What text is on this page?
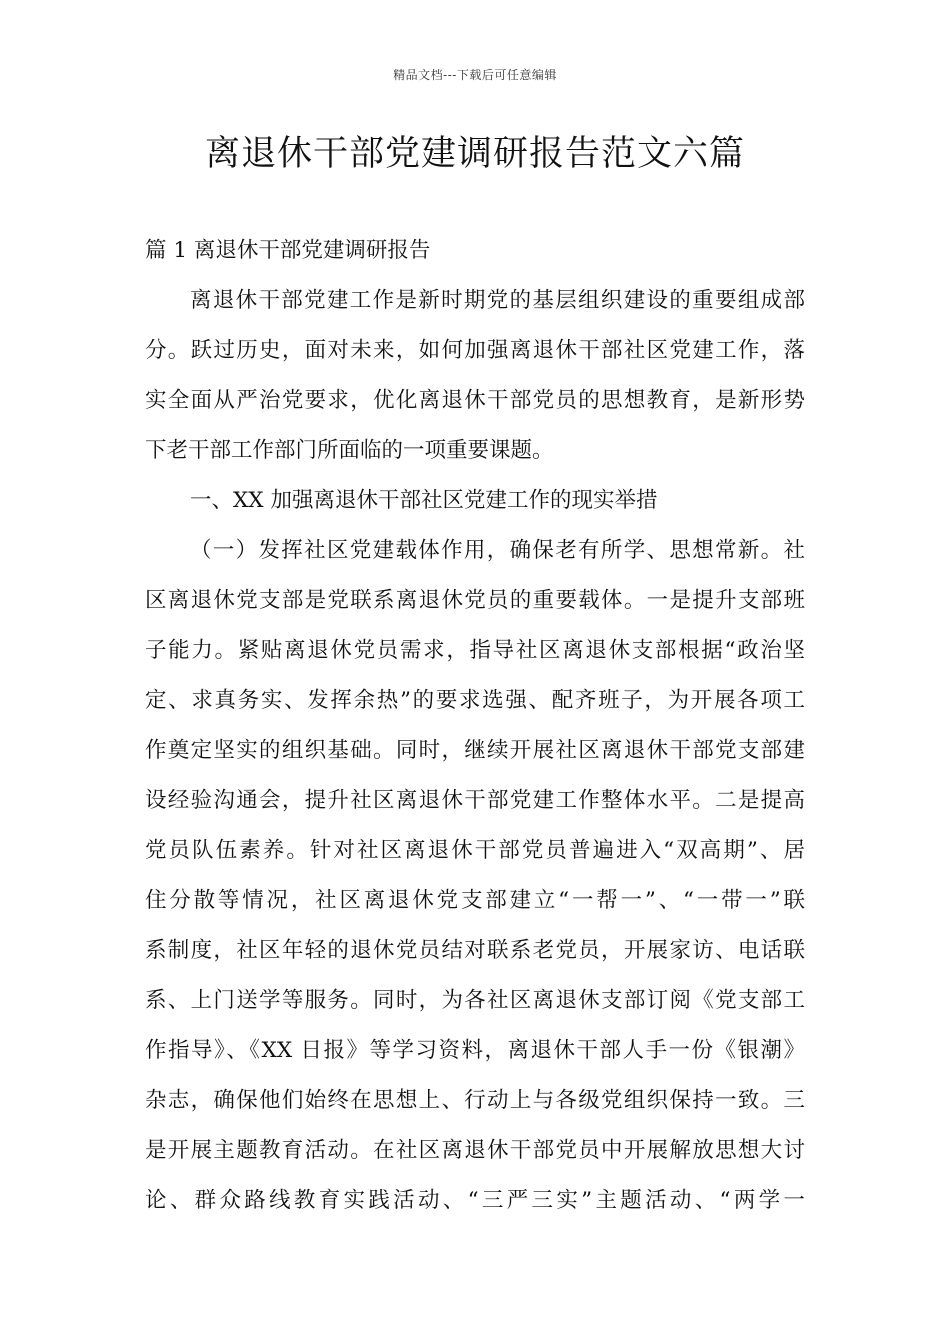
精品文档---下载后可任意编辑
离退休干部党建调研报告范文六篇
篇 1 离退休干部党建调研报告
离退休干部党建工作是新时期党的基层组织建设的重要组成部
分。跃过历史，面对未来，如何加强离退休干部社区党建工作，落
实全面从严治党要求，优化离退休干部党员的思想教育，是新形势
下老干部工作部门所面临的一项重要课题。
一、XX 加强离退休干部社区党建工作的现实举措
（一）发挥社区党建载体作用，确保老有所学、思想常新。社
区离退休党支部是党联系离退休党员的重要载体。一是提升支部班
子能力。紧贴离退休党员需求，指导社区离退休支部根据“政治坚
定、求真务实、发挥余热”的要求选强、配齐班子，为开展各项工
作奠定坚实的组织基础。同时，继续开展社区离退休干部党支部建
设经验沟通会，提升社区离退休干部党建工作整体水平。二是提高
党员队伍素养。针对社区离退休干部党员普遍进入“双高期”、居
住分散等情况，社区离退休党支部建立“一帮一”、“一带一”联
系制度，社区年轻的退休党员结对联系老党员，开展家访、电话联
系、上门送学等服务。同时，为各社区离退休支部订阅《党支部工
作指导》、《XX 日报》等学习资料，离退休干部人手一份《银潮》
杂志，确保他们始终在思想上、行动上与各级党组织保持一致。三
是开展主题教育活动。在社区离退休干部党员中开展解放思想大讨
论、群众路线教育实践活动、“三严三实”主题活动、“两学一
